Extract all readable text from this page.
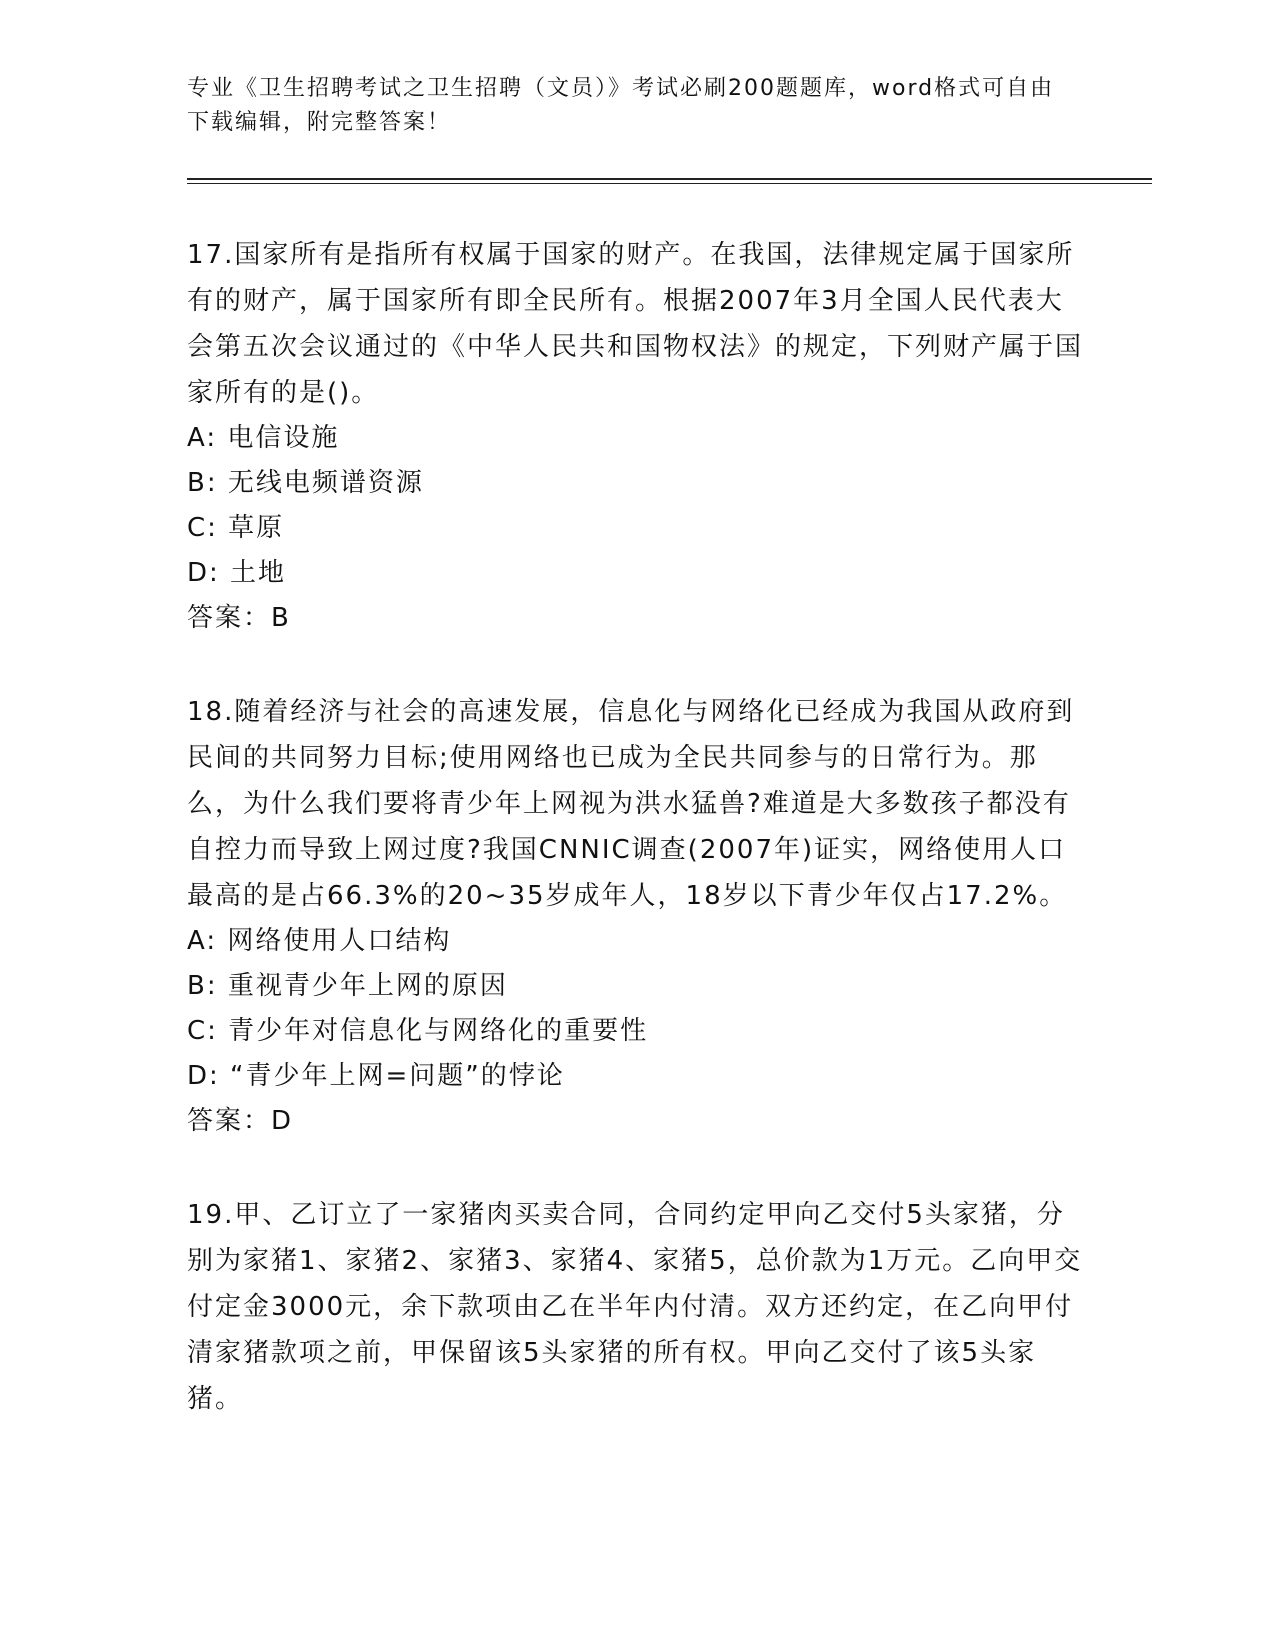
专业《卫生招聘考试之卫生招聘（文员）》考试必刷200题题库，word格式可自由下载编辑，附完整答案！

17.国家所有是指所有权属于国家的财产。在我国，法律规定属于国家所有的财产，属于国家所有即全民所有。根据2007年3月全国人民代表大会第五次会议通过的《中华人民共和国物权法》的规定，下列财产属于国家所有的是()。

A: 电信设施

B: 无线电频谱资源

C: 草原

D: 土地

答案：B

18.随着经济与社会的高速发展，信息化与网络化已经成为我国从政府到民间的共同努力目标;使用网络也已成为全民共同参与的日常行为。那么，为什么我们要将青少年上网视为洪水猛兽?难道是大多数孩子都没有自控力而导致上网过度?我国CNNIC调查(2007年)证实，网络使用人口最高的是占66.3%的20~35岁成年人，18岁以下青少年仅占17.2%。

A: 网络使用人口结构

B: 重视青少年上网的原因

C: 青少年对信息化与网络化的重要性

D: “青少年上网=问题”的悖论

答案：D

19.甲、乙订立了一家猪肉买卖合同，合同约定甲向乙交付5头家猪，分别为家猪1、家猪2、家猪3、家猪4、家猪5，总价款为1万元。乙向甲交付定金3000元，余下款项由乙在半年内付清。双方还约定，在乙向甲付清家猪款项之前，甲保留该5头家猪的所有权。甲向乙交付了该5头家猪。
